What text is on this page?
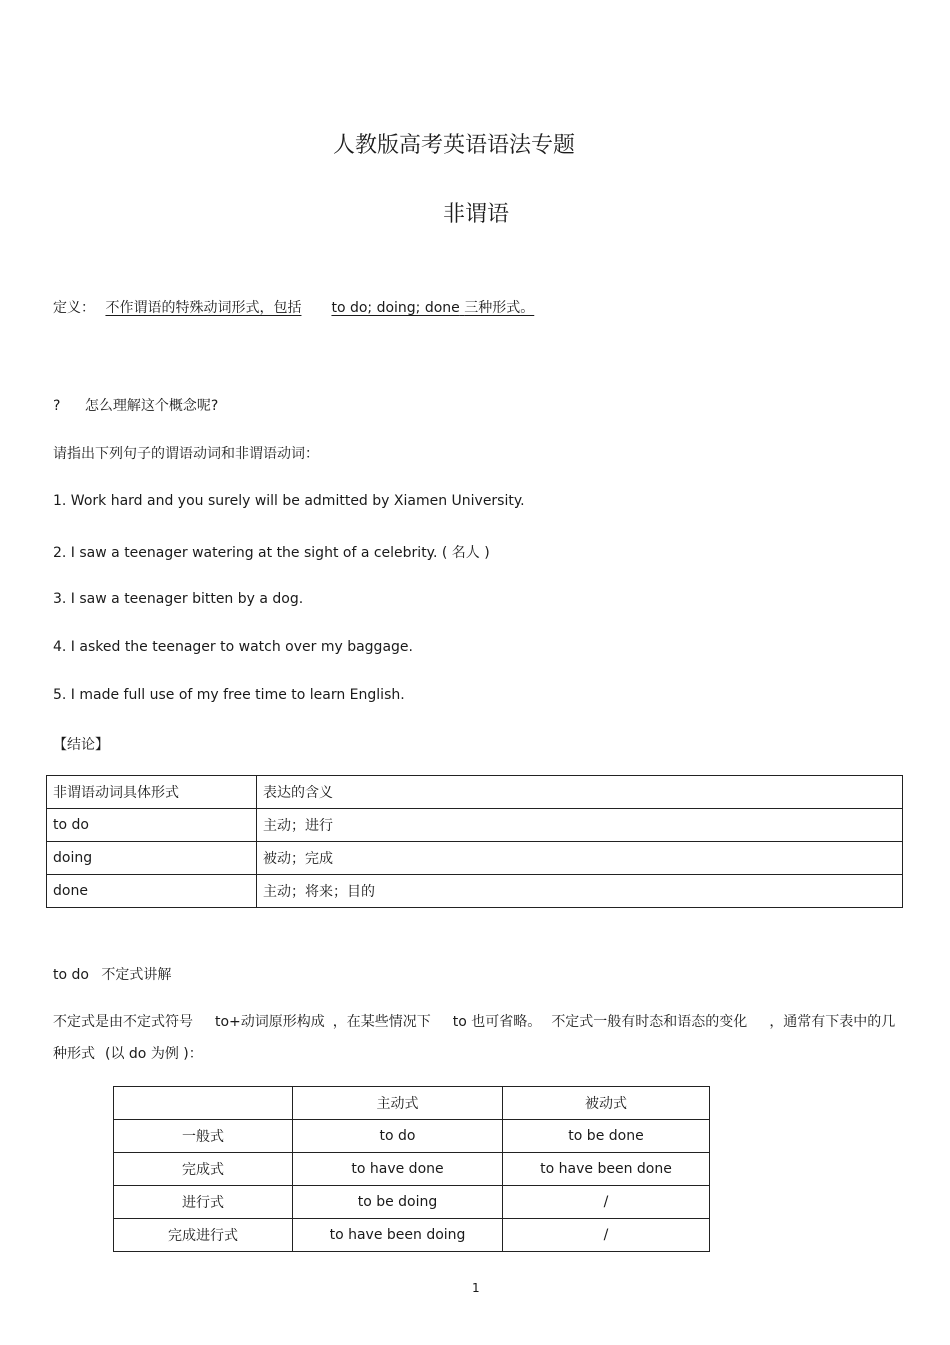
人教版高考英语语法专题
非谓语
定义： 不作谓语的特殊动词形式，包括 to do; doing; done 三种形式。
? 怎么理解这个概念呢?
请指出下列句子的谓语动词和非谓语动词：
1. Work hard and you surely will be admitted by Xiamen University.
2. I saw a teenager watering at the sight of a celebrity. ( 名人 )
3. I saw a teenager bitten by a dog.
4. I asked the teenager to watch over my baggage.
5. I made full use of my free time to learn English.
【结论】
非谓语动词具体形式	表达的含义
to do	主动；进行
doing	被动；完成
done	主动；将来；目的
to do 不定式讲解
不定式是由不定式符号 to+动词原形构成 ，在某些情况下 to 也可省略。 不定式一般有时态和语态的变化 ，通常有下表中的几种形式 (以 do 为例 )：
	主动式	被动式
一般式	to do	to be done
完成式	to have done	to have been done
进行式	to be doing	/
完成进行式	to have been doing	/
1
